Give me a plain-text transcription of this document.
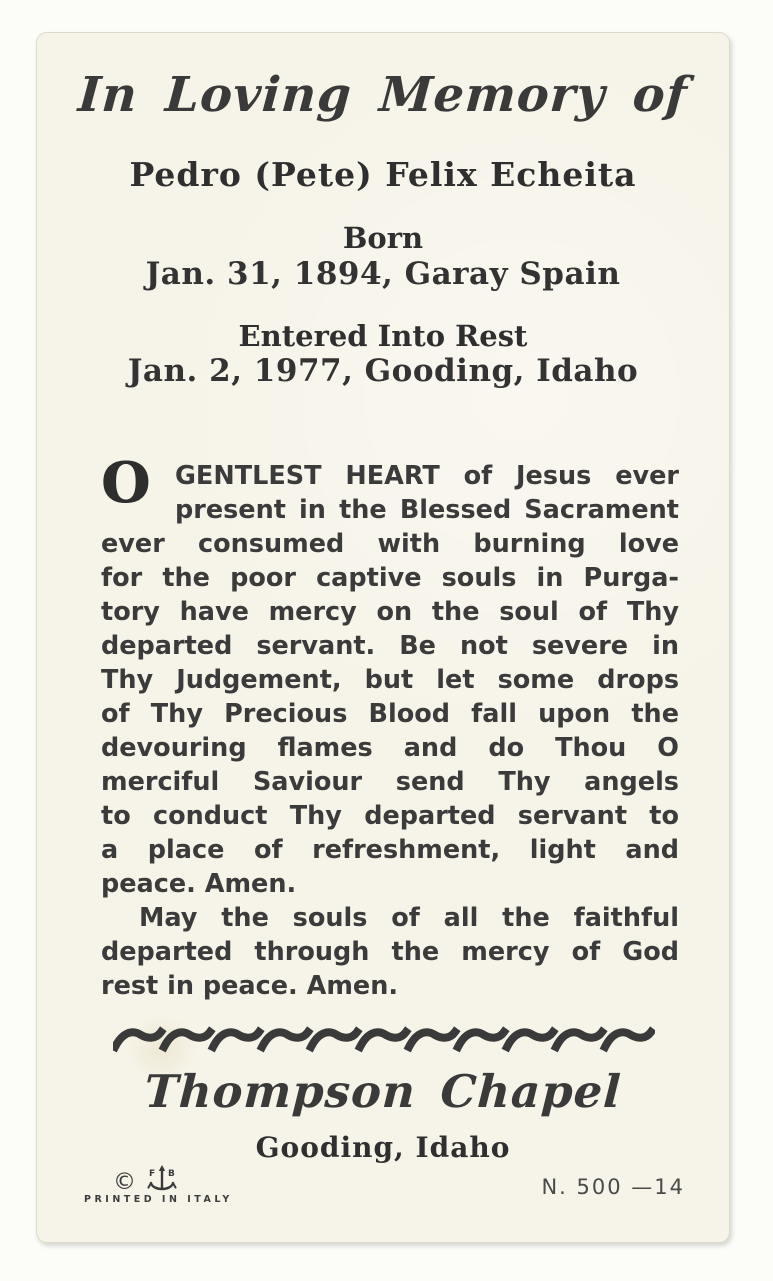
In Loving Memory of
Pedro (Pete) Felix Echeita
Born
Jan. 31, 1894, Garay Spain
Entered Into Rest
Jan. 2, 1977, Gooding, Idaho
O GENTLEST HEART of Jesus ever
present in the Blessed Sacrament
ever consumed with burning love
for the poor captive souls in Purga-
tory have mercy on the soul of Thy
departed servant. Be not severe in
Thy Judgement, but let some drops
of Thy Precious Blood fall upon the
devouring flames and do Thou O
merciful Saviour send Thy angels
to conduct Thy departed servant to
a place of refreshment, light and
peace. Amen.
May the souls of all the faithful
departed through the mercy of God
rest in peace. Amen.
Thompson Chapel
Gooding, Idaho
© F B
PRINTED IN ITALY
N. 500 —14
